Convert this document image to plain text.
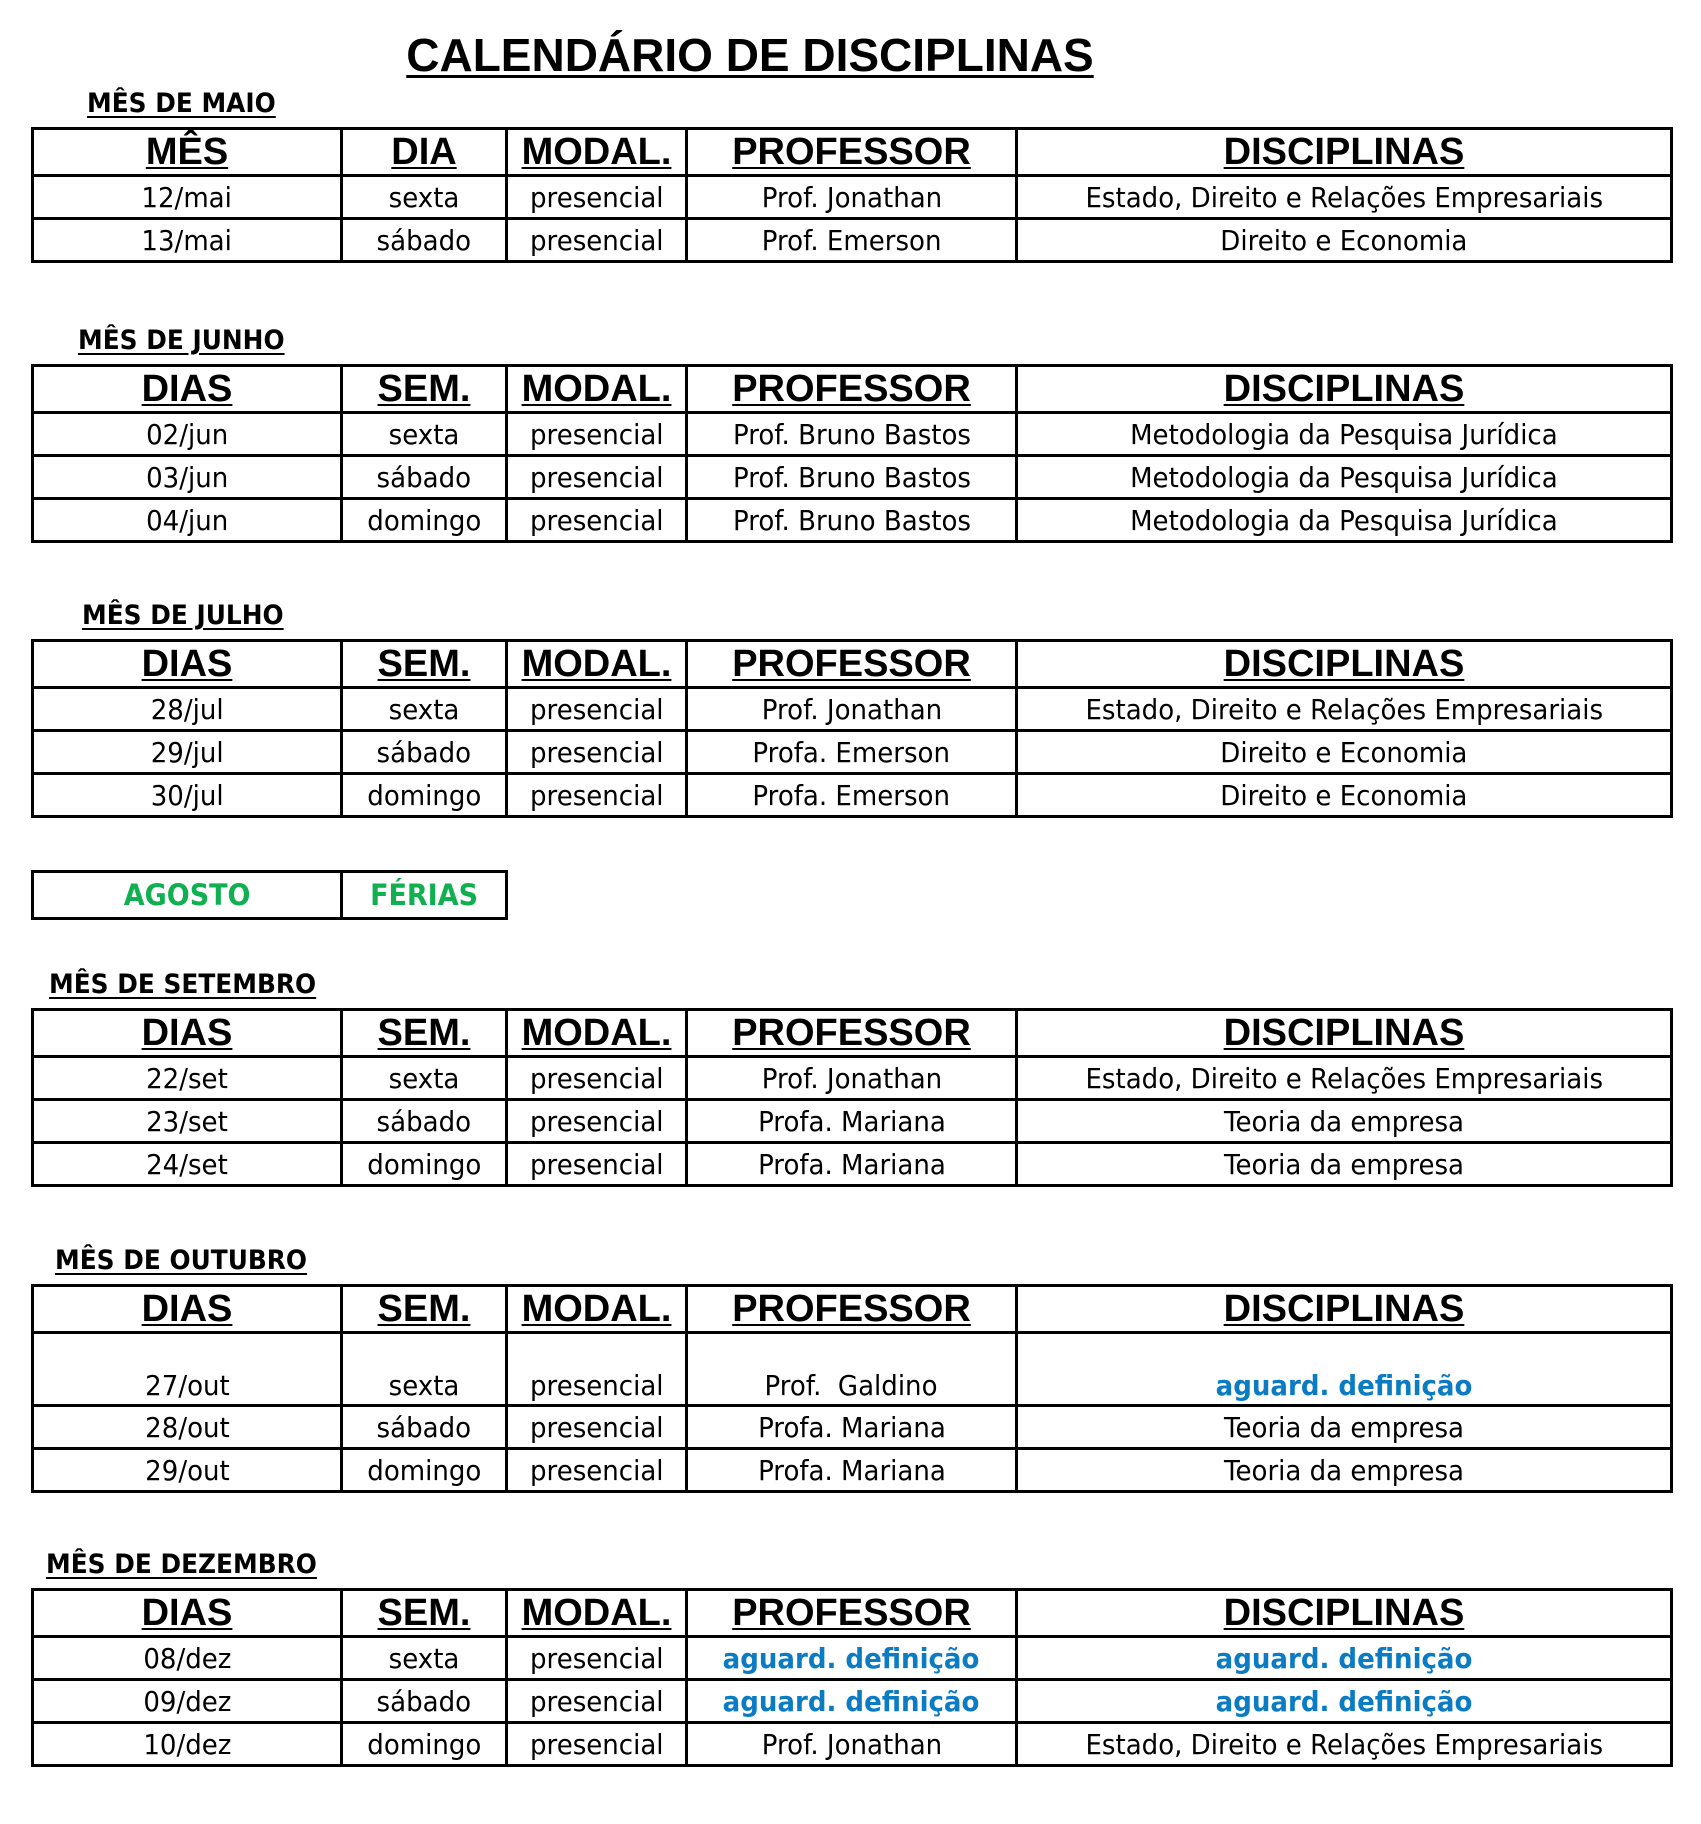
CALENDÁRIO DE DISCIPLINAS
MÊS DE MAIO
MÊS	DIA	MODAL.	PROFESSOR	DISCIPLINAS
12/mai	sexta	presencial	Prof. Jonathan	Estado, Direito e Relações Empresariais
13/mai	sábado	presencial	Prof. Emerson	Direito e Economia
MÊS DE JUNHO
DIAS	SEM.	MODAL.	PROFESSOR	DISCIPLINAS
02/jun	sexta	presencial	Prof. Bruno Bastos	Metodologia da Pesquisa Jurídica
03/jun	sábado	presencial	Prof. Bruno Bastos	Metodologia da Pesquisa Jurídica
04/jun	domingo	presencial	Prof. Bruno Bastos	Metodologia da Pesquisa Jurídica
MÊS DE JULHO
DIAS	SEM.	MODAL.	PROFESSOR	DISCIPLINAS
28/jul	sexta	presencial	Prof. Jonathan	Estado, Direito e Relações Empresariais
29/jul	sábado	presencial	Profa. Emerson	Direito e Economia
30/jul	domingo	presencial	Profa. Emerson	Direito e Economia
AGOSTO	FÉRIAS
MÊS DE SETEMBRO
DIAS	SEM.	MODAL.	PROFESSOR	DISCIPLINAS
22/set	sexta	presencial	Prof. Jonathan	Estado, Direito e Relações Empresariais
23/set	sábado	presencial	Profa. Mariana	Teoria da empresa
24/set	domingo	presencial	Profa. Mariana	Teoria da empresa
MÊS DE OUTUBRO
DIAS	SEM.	MODAL.	PROFESSOR	DISCIPLINAS
27/out	sexta	presencial	Prof.  Galdino	aguard. definição
28/out	sábado	presencial	Profa. Mariana	Teoria da empresa
29/out	domingo	presencial	Profa. Mariana	Teoria da empresa
MÊS DE DEZEMBRO
DIAS	SEM.	MODAL.	PROFESSOR	DISCIPLINAS
08/dez	sexta	presencial	aguard. definição	aguard. definição
09/dez	sábado	presencial	aguard. definição	aguard. definição
10/dez	domingo	presencial	Prof. Jonathan	Estado, Direito e Relações Empresariais
